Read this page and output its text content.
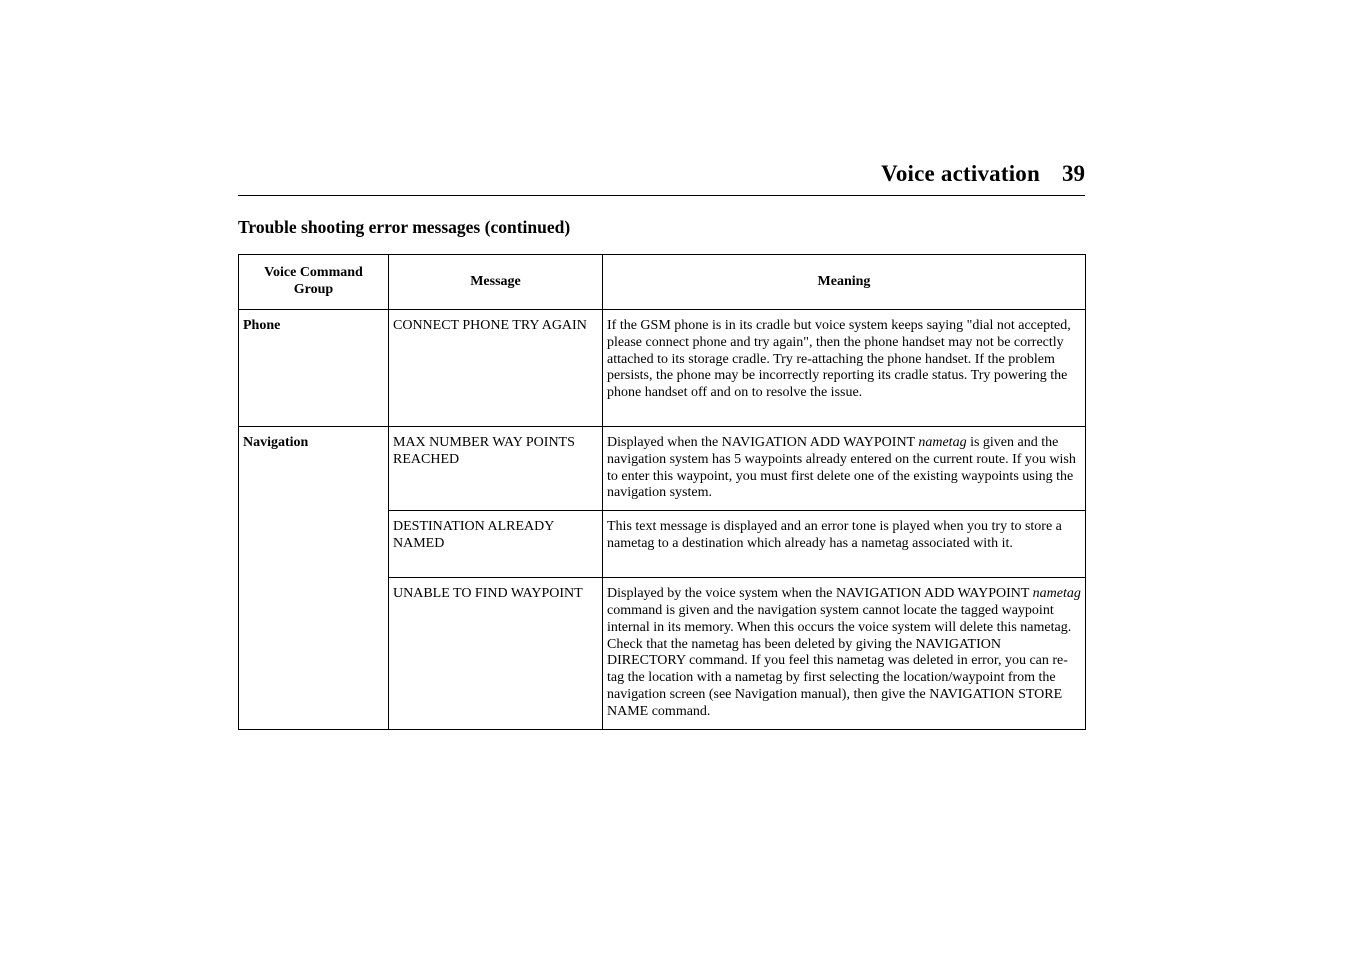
Voice activation 39
Trouble shooting error messages (continued)
Voice Command Group	Message	Meaning
Phone	CONNECT PHONE TRY AGAIN	If the GSM phone is in its cradle but voice system keeps saying "dial not accepted, please connect phone and try again", then the phone handset may not be correctly attached to its storage cradle. Try re-attaching the phone handset. If the problem persists, the phone may be incorrectly reporting its cradle status. Try powering the phone handset off and on to resolve the issue.
Navigation	MAX NUMBER WAY POINTS REACHED	Displayed when the NAVIGATION ADD WAYPOINT nametag is given and the navigation system has 5 waypoints already entered on the current route. If you wish to enter this waypoint, you must first delete one of the existing waypoints using the navigation system.
	DESTINATION ALREADY NAMED	This text message is displayed and an error tone is played when you try to store a nametag to a destination which already has a nametag associated with it.
	UNABLE TO FIND WAYPOINT	Displayed by the voice system when the NAVIGATION ADD WAYPOINT nametag command is given and the navigation system cannot locate the tagged waypoint internal in its memory. When this occurs the voice system will delete this nametag. Check that the nametag has been deleted by giving the NAVIGATION DIRECTORY command. If you feel this nametag was deleted in error, you can re-tag the location with a nametag by first selecting the location/waypoint from the navigation screen (see Navigation manual), then give the NAVIGATION STORE NAME command.
